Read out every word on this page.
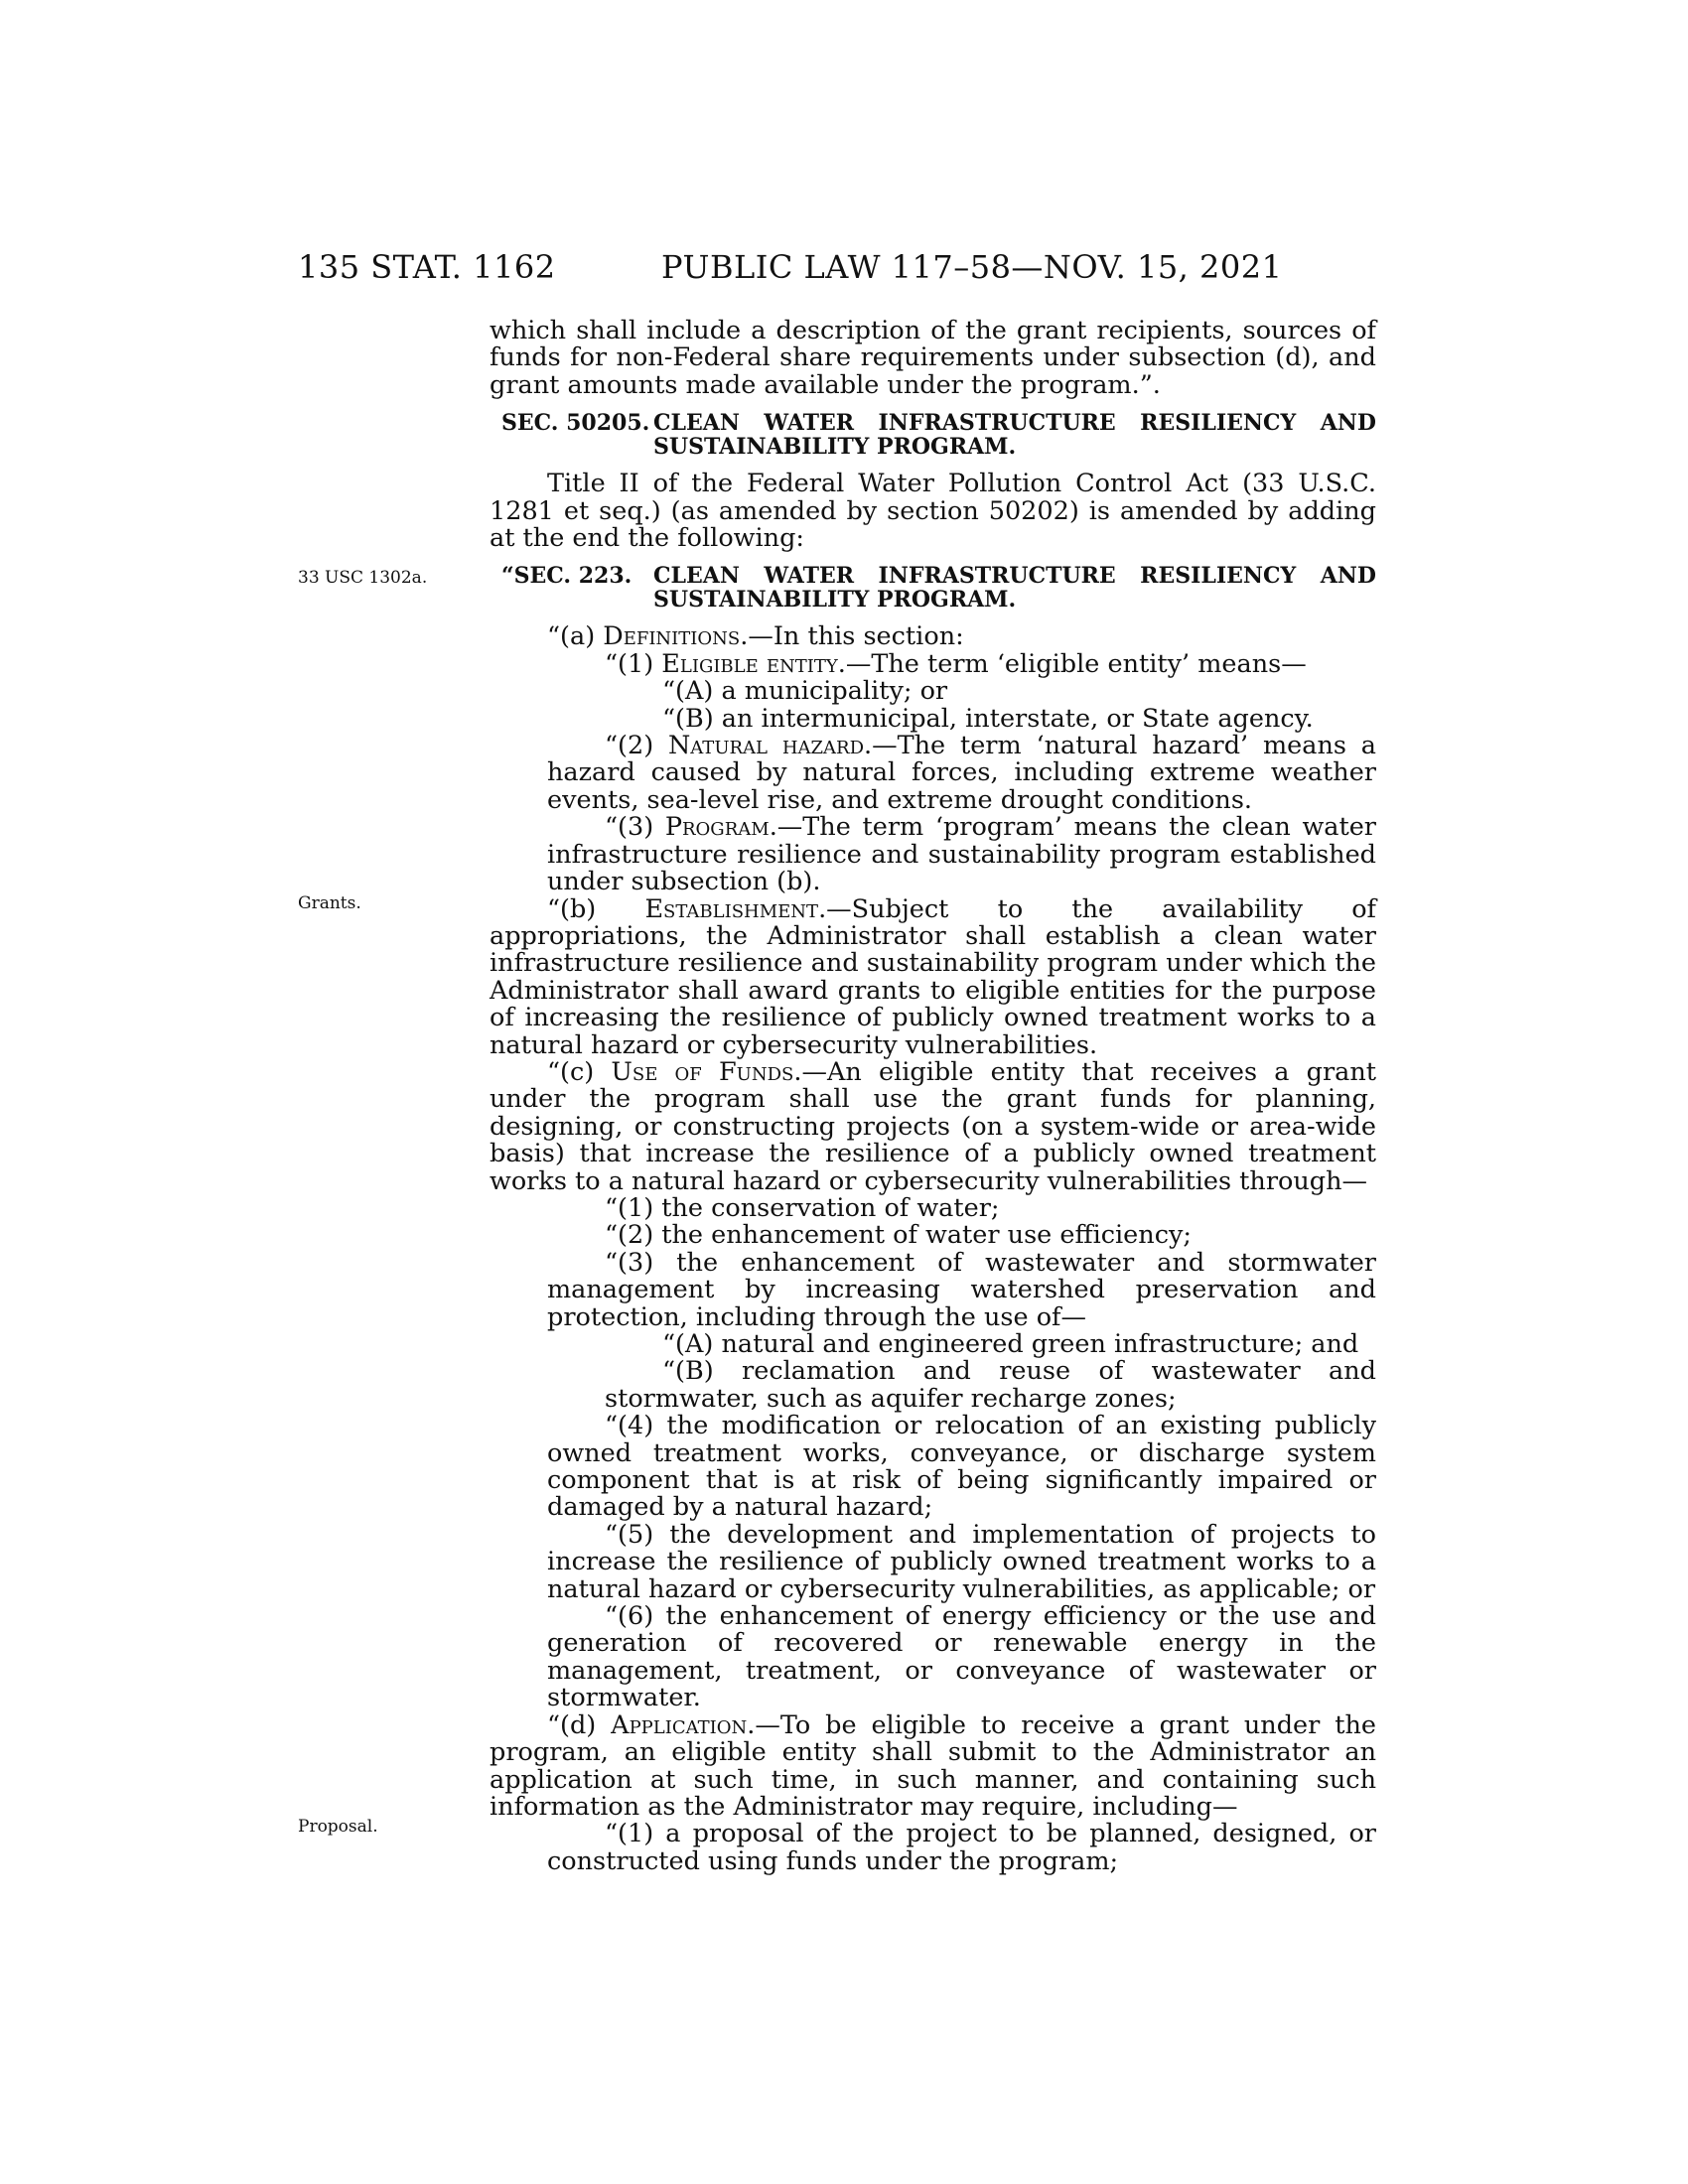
135 STAT. 1162	PUBLIC LAW 117–58—NOV. 15, 2021
33 USC 1302a.
Grants.
Proposal.

which shall include a description of the grant recipients, sources of funds for non-Federal share requirements under subsection (d), and grant amounts made available under the program.”.

SEC. 50205. CLEAN WATER INFRASTRUCTURE RESILIENCY AND SUSTAINABILITY PROGRAM.

Title II of the Federal Water Pollution Control Act (33 U.S.C. 1281 et seq.) (as amended by section 50202) is amended by adding at the end the following:

“SEC. 223. CLEAN WATER INFRASTRUCTURE RESILIENCY AND SUSTAINABILITY PROGRAM.

“(a) Definitions.—In this section:

“(1) Eligible entity.—The term ‘eligible entity’ means—

“(A) a municipality; or

“(B) an intermunicipal, interstate, or State agency.

“(2) Natural hazard.—The term ‘natural hazard’ means a hazard caused by natural forces, including extreme weather events, sea-level rise, and extreme drought conditions.

“(3) Program.—The term ‘program’ means the clean water infrastructure resilience and sustainability program established under subsection (b).

“(b) Establishment.—Subject to the availability of appropriations, the Administrator shall establish a clean water infrastructure resilience and sustainability program under which the Administrator shall award grants to eligible entities for the purpose of increasing the resilience of publicly owned treatment works to a natural hazard or cybersecurity vulnerabilities.

“(c) Use of Funds.—An eligible entity that receives a grant under the program shall use the grant funds for planning, designing, or constructing projects (on a system-wide or area-wide basis) that increase the resilience of a publicly owned treatment works to a natural hazard or cybersecurity vulnerabilities through—

“(1) the conservation of water;

“(2) the enhancement of water use efficiency;

“(3) the enhancement of wastewater and stormwater management by increasing watershed preservation and protection, including through the use of—

“(A) natural and engineered green infrastructure; and

“(B) reclamation and reuse of wastewater and stormwater, such as aquifer recharge zones;

“(4) the modification or relocation of an existing publicly owned treatment works, conveyance, or discharge system component that is at risk of being significantly impaired or damaged by a natural hazard;

“(5) the development and implementation of projects to increase the resilience of publicly owned treatment works to a natural hazard or cybersecurity vulnerabilities, as applicable; or

“(6) the enhancement of energy efficiency or the use and generation of recovered or renewable energy in the management, treatment, or conveyance of wastewater or stormwater.

“(d) Application.—To be eligible to receive a grant under the program, an eligible entity shall submit to the Administrator an application at such time, in such manner, and containing such information as the Administrator may require, including—

“(1) a proposal of the project to be planned, designed, or constructed using funds under the program;
